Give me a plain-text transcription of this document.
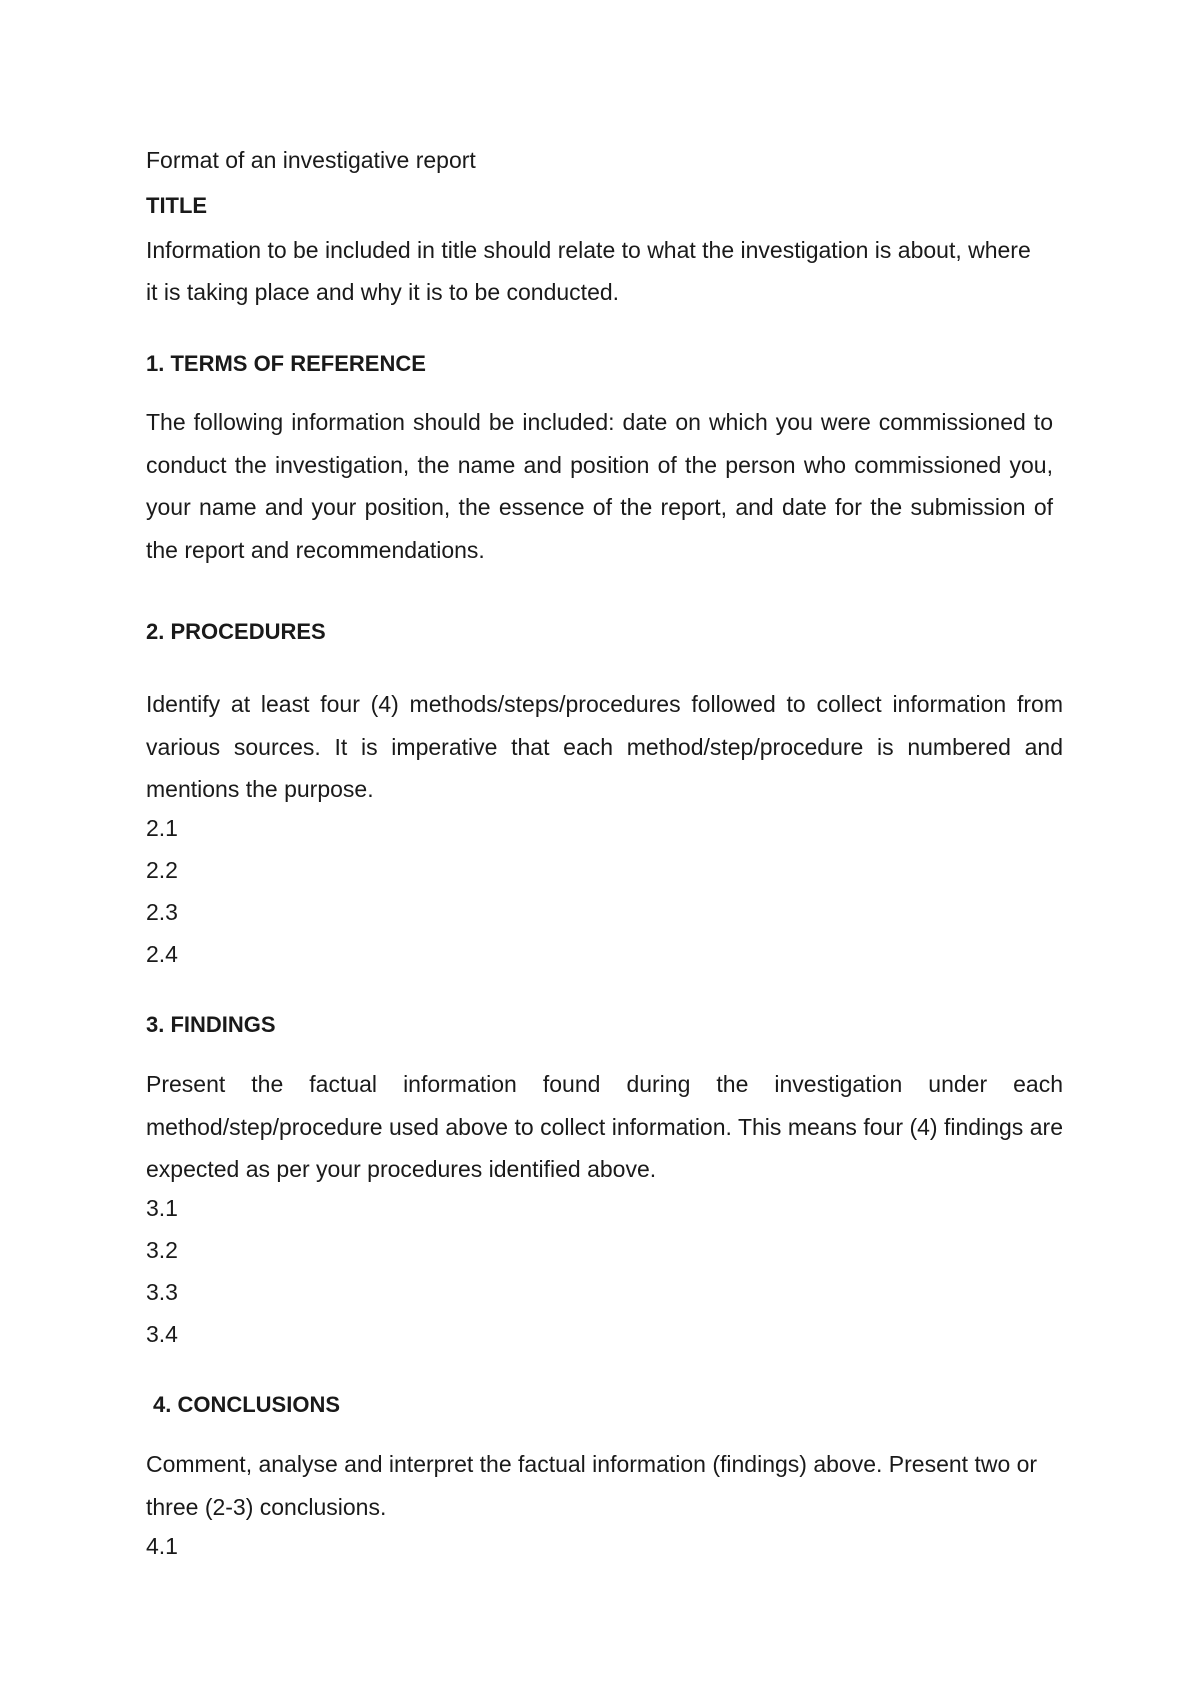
Format of an investigative report

TITLE

Information to be included in title should relate to what the investigation is about, where it is taking place and why it is to be conducted.

1. TERMS OF REFERENCE

The following information should be included: date on which you were commissioned to conduct the investigation, the name and position of the person who commissioned you, your name and your position, the essence of the report, and date for the submission of the report and recommendations.

2. PROCEDURES

Identify at least four (4) methods/steps/procedures followed to collect information from various sources. It is imperative that each method/step/procedure is numbered and mentions the purpose.

2.1

2.2

2.3

2.4

3. FINDINGS

Present the factual information found during the investigation under each method/step/procedure used above to collect information. This means four (4) findings are expected as per your procedures identified above.

3.1

3.2

3.3

3.4

4. CONCLUSIONS

Comment, analyse and interpret the factual information (findings) above. Present two or three (2-3) conclusions.

4.1
